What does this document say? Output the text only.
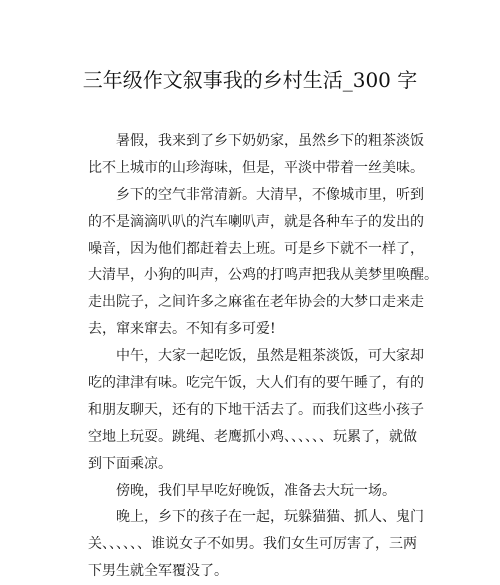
三年级作文叙事我的乡村生活_300 字

暑假，我来到了乡下奶奶家，虽然乡下的粗茶淡饭

比不上城市的山珍海味，但是，平淡中带着一丝美味。

乡下的空气非常清新。大清早，不像城市里，听到

的不是滴滴叭叭的汽车喇叭声，就是各种车子的发出的

噪音，因为他们都赶着去上班。可是乡下就不一样了，

大清早，小狗的叫声，公鸡的打鸣声把我从美梦里唤醒。

走出院子，之间许多之麻雀在老年协会的大梦口走来走

去，窜来窜去。不知有多可爱!

中午，大家一起吃饭，虽然是粗茶淡饭，可大家却

吃的津津有味。吃完午饭，大人们有的要午睡了，有的

和朋友聊天，还有的下地干活去了。而我们这些小孩子

空地上玩耍。跳绳、老鹰抓小鸡、、、、、、玩累了，就做

到下面乘凉。

傍晚，我们早早吃好晚饭，准备去大玩一场。

晚上，乡下的孩子在一起，玩躲猫猫、抓人、鬼门

关、、、、、、谁说女子不如男。我们女生可厉害了，三两

下男生就全军覆没了。
